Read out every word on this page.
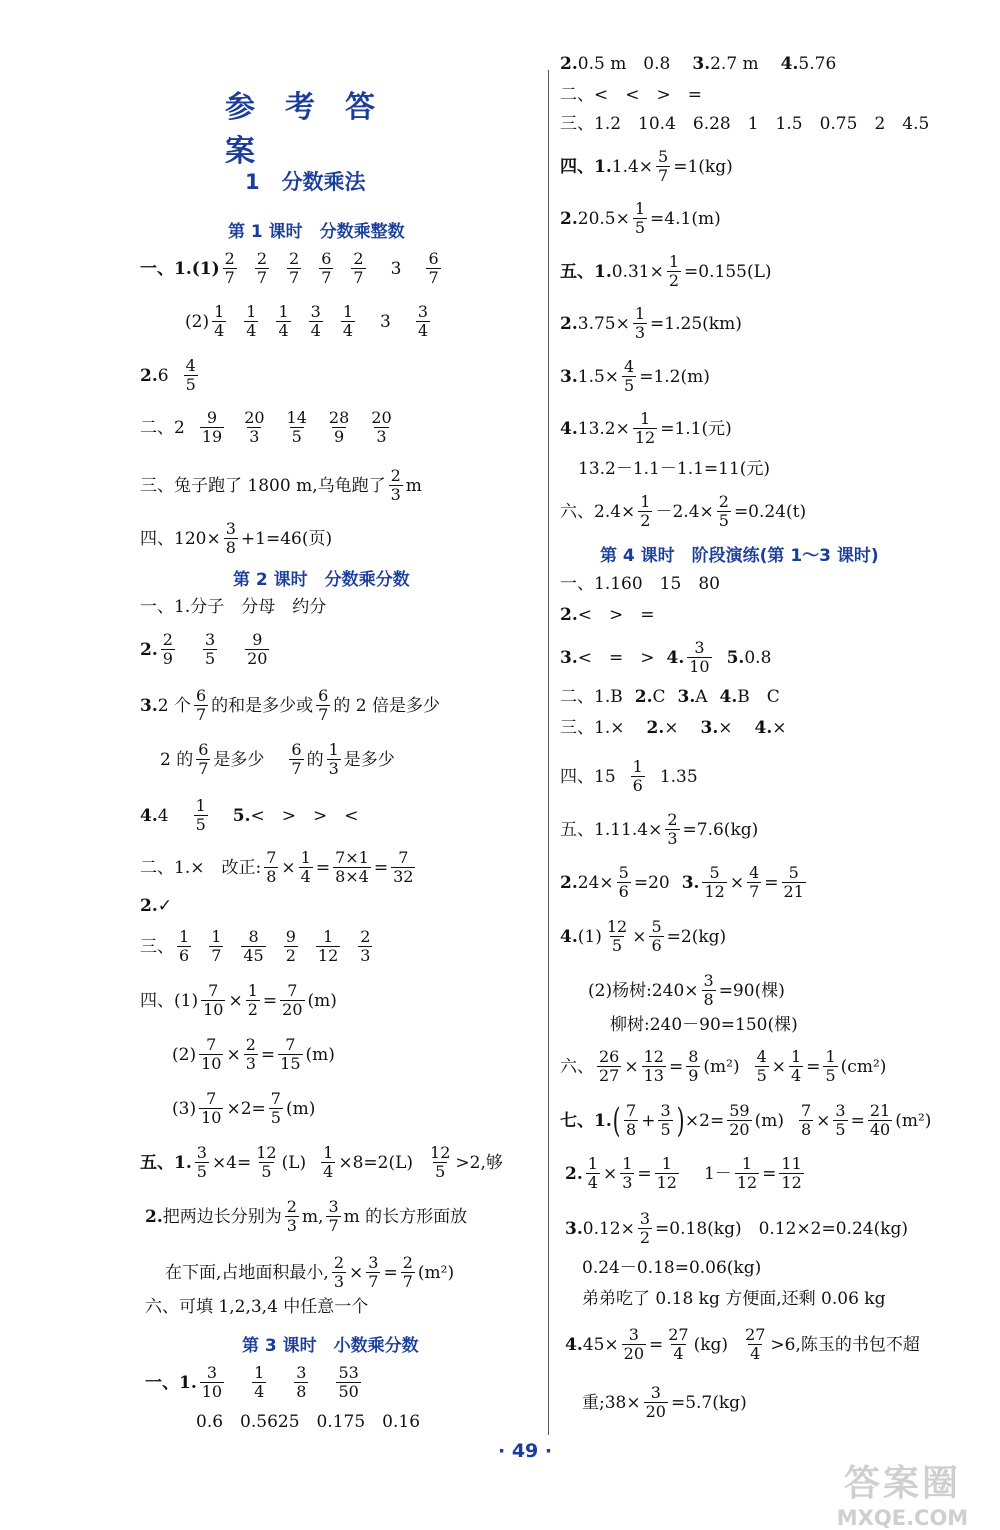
参考答案
1 分数乘法
第 1 课时　分数乘整数
第 2 课时　分数乘分数
第 3 课时　小数乘分数
第 4 课时　阶段演练(第 1～3 课时)
一、$1.(1) \frac{2}{7} \frac{2}{7} \frac{2}{7} \frac{6}{7} \frac{2}{7} 3 \frac{6}{7}$
$(2) \frac{1}{4} \frac{1}{4} \frac{1}{4} \frac{3}{4} \frac{1}{4} 3 \frac{3}{4}$
2. $6 \frac{4}{5}$
二、$2 \frac{9}{19} \frac{20}{3} \frac{14}{5} \frac{28}{9} \frac{20}{3}$
三、兔子跑了 1800 m,乌龟跑了 $\frac{2}{3}$ m
四、$120\times \frac{3}{8} +1=46$(页)
一、1. 分子　分母　约分
2. $\frac{2}{9} \frac{3}{5} \frac{9}{20}$
3. 2 个 $\frac{6}{7}$ 的和是多少或 $\frac{6}{7}$ 的 2 倍是多少
2 的 $\frac{6}{7}$ 是多少 $\frac{6}{7}$ 的 $\frac{1}{3}$ 是多少
4. $4 \frac{1}{5} 5$. <　>　>　<
二、1. ×　改正: $\frac{7}{8} \times \frac{1}{4} = \frac{7\times 1}{8\times 4} = \frac{7}{32}$
2. ✓
三、 $\frac{1}{6} \frac{1}{7} \frac{8}{45} \frac{9}{2} \frac{1}{12} \frac{2}{3}$
四、$(1) \frac{7}{10} \times \frac{1}{2} = \frac{7}{20} (m)$
$(2) \frac{7}{10} \times \frac{2}{3} = \frac{7}{15} (m)$
$(3) \frac{7}{10} \times 2= \frac{7}{5} (m)$
五、1. $\frac{3}{5} \times 4= \frac{12}{5} (L) \frac{1}{4} \times 8=2(L) \frac{12}{5} >2$,够
2. 把两边长分别为 $\frac{2}{3} m$, $\frac{3}{7}$ m 的长方形面放
在下面,占地面积最小, $\frac{2}{3} \times \frac{3}{7} = \frac{2}{7} (m^2)$
六、可填 1,2,3,4 中任意一个
一、1. $\frac{3}{10} \frac{1}{4} \frac{3}{8} \frac{53}{50}$
0.6　0.5625　0.175　0.16
2. 0.5 m　0.8 3. 2.7 m 4. 5.76
二、<　<　>　=
三、1.2　10.4　6.28　1　1.5　0.75　2　4.5
四、1. $1.4\times \frac{5}{7} =1(kg)$
2. $20.5\times \frac{1}{5} =4.1(m)$
五、1. $0.31\times \frac{1}{2} =0.155(L)$
2. $3.75\times \frac{1}{3} =1.25(km)$
3. $1.5\times \frac{4}{5} =1.2(m)$
4. $13.2\times \frac{1}{12} =1.1$(元)
13.2－1.1－1.1=11(元)
六、$2.4\times \frac{1}{2} -2.4\times \frac{2}{5} =0.24(t)$
一、1. 160　15　80
2. <　>　=
3. <　=　> 4. $\frac{3}{10} 5$. 0.8
二、1. B 2. C 3. A 4. B　C
三、1. × 2. × 3. × 4. ×
四、$15 \frac{1}{6} 1.35$
五、1. $11.4\times \frac{2}{3} =7.6(kg)$
2. $24\times \frac{5}{6} =20$ 3. $\frac{5}{12} \times \frac{4}{7} = \frac{5}{21}$
4. $(1) \frac{12}{5} \times \frac{5}{6} =2(kg)$
(2)杨树:240× $\frac{3}{8} =90$(棵)
柳树:240－90=150(棵)
六、 $\frac{26}{27} \times \frac{12}{13} = \frac{8}{9} (m^2) \frac{4}{5} \times \frac{1}{4} = \frac{1}{5} (cm^2)$
七、1. ( $\frac{7}{8} + \frac{3}{5}$ ) $\times 2= \frac{59}{20} (m) \frac{7}{8} \times \frac{3}{5} = \frac{21}{40} (m^2)$
2. $\frac{1}{4} \times \frac{1}{3} = \frac{1}{12} 1- \frac{1}{12} = \frac{11}{12}$
3. $0.12\times \frac{3}{2} =0.18(kg)$　0.12×2=0.24(kg)
0.24－0.18=0.06(kg)
弟弟吃了 0.18 kg 方便面,还剩 0.06 kg
4. $45\times \frac{3}{20} = \frac{27}{4} (kg) \frac{27}{4} >6$,陈玉的书包不超
重;38× $\frac{3}{20} =5.7(kg)$
· 49 ·
答案圈
MXQE.COM
